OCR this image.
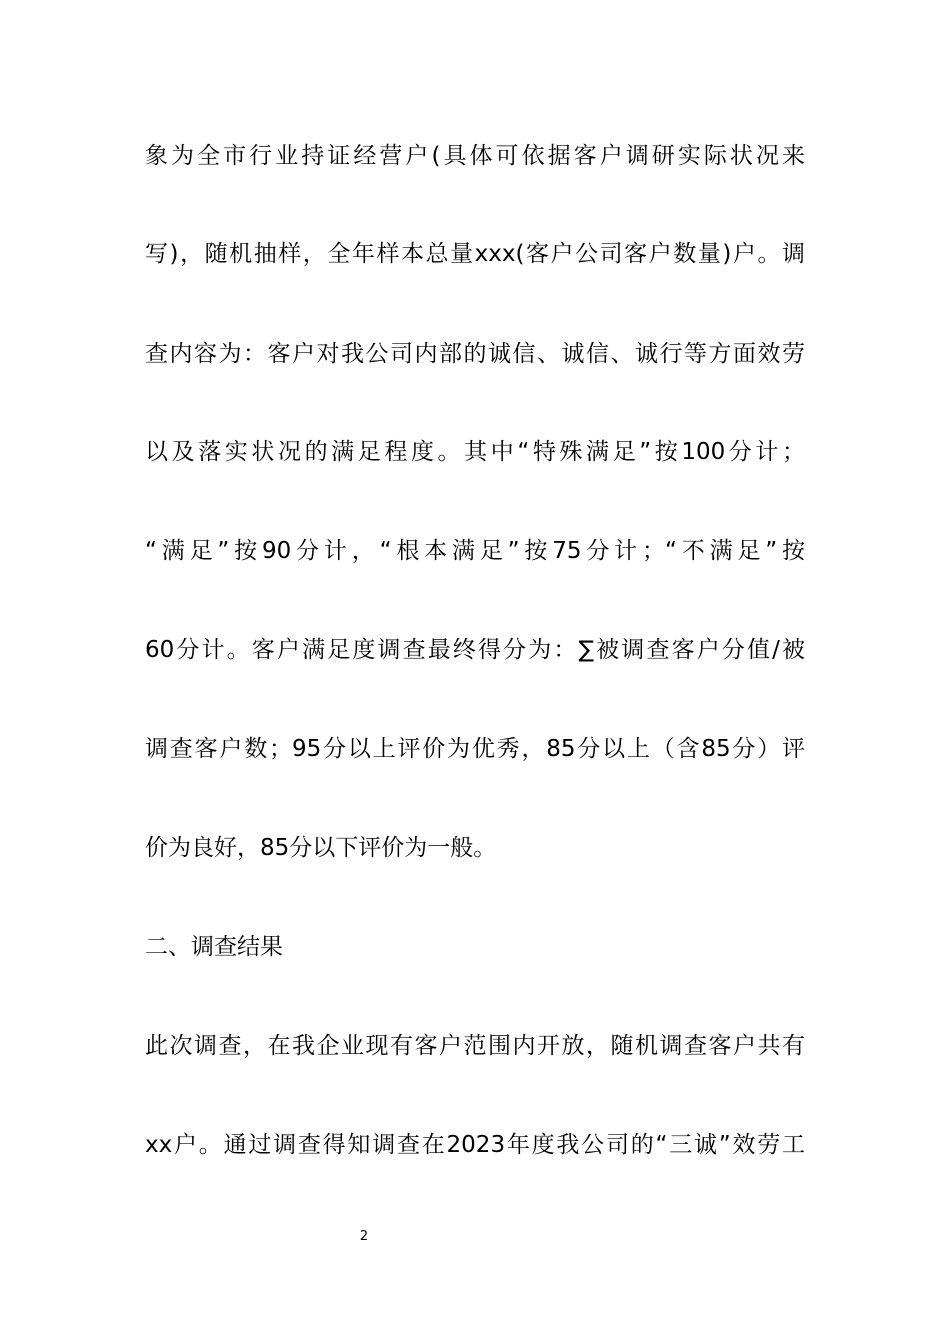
象为全市行业持证经营户(具体可依据客户调研实际状况来
写)，随机抽样，全年样本总量xxx(客户公司客户数量)户。调
查内容为：客户对我公司内部的诚信、诚信、诚行等方面效劳
以及落实状况的满足程度。其中“特殊满足”按100分计；
“满足”按90分计，“根本满足”按75分计；“不满足”按
60分计。客户满足度调查最终得分为：∑被调查客户分值/被
调查客户数；95分以上评价为优秀，85分以上（含85分）评
价为良好，85分以下评价为一般。
二、调查结果
此次调查，在我企业现有客户范围内开放，随机调查客户共有
xx户。通过调查得知调查在2023年度我公司的“三诚”效劳工
2
